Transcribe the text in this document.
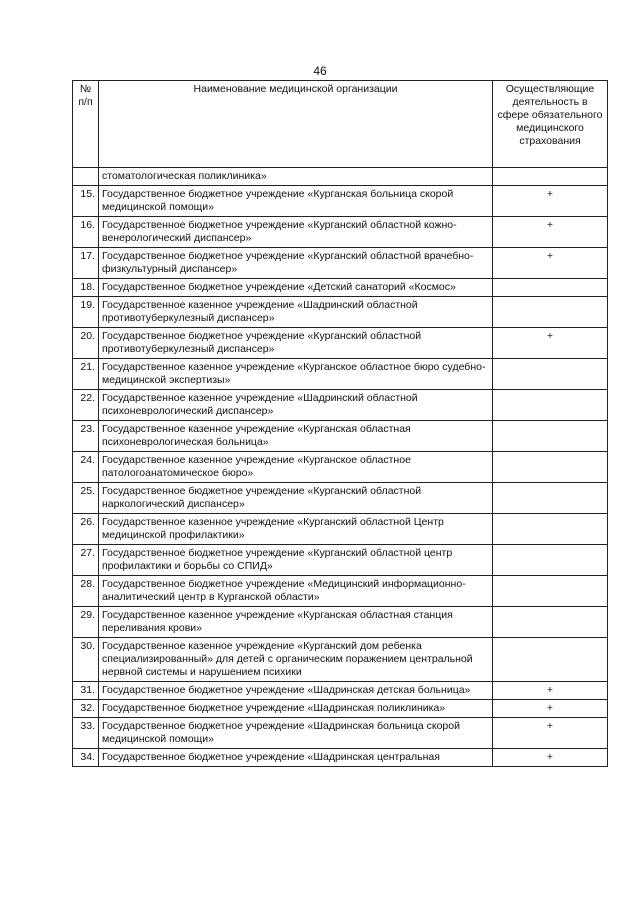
46
№ п/п	Наименование медицинской организации	Осуществляющие деятельность в сфере обязательного медицинского страхования
	стоматологическая поликлиника»	
15.	Государственное бюджетное учреждение «Курганская больница скорой медицинской помощи»	+
16.	Государственное бюджетное учреждение «Курганский областной кожно-венерологический диспансер»	+
17.	Государственное бюджетное учреждение «Курганский областной врачебно-физкультурный диспансер»	+
18.	Государственное бюджетное учреждение «Детский санаторий «Космос»	
19.	Государственное казенное учреждение «Шадринский областной противотуберкулезный диспансер»	
20.	Государственное бюджетное учреждение «Курганский областной противотуберкулезный диспансер»	+
21.	Государственное казенное учреждение «Курганское областное бюро судебно-медицинской экспертизы»	
22.	Государственное казенное учреждение «Шадринский областной психоневрологический диспансер»	
23.	Государственное казенное учреждение «Курганская областная психоневрологическая больница»	
24.	Государственное казенное учреждение «Курганское областное патологоанатомическое бюро»	
25.	Государственное бюджетное учреждение «Курганский областной наркологический диспансер»	
26.	Государственное казенное учреждение «Курганский областной Центр медицинской профилактики»	
27.	Государственное бюджетное учреждение «Курганский областной центр профилактики и борьбы со СПИД»	
28.	Государственное бюджетное учреждение «Медицинский информационно-аналитический центр в Курганской области»	
29.	Государственное казенное учреждение «Курганская областная станция переливания крови»	
30.	Государственное казенное учреждение «Курганский дом ребенка специализированный» для детей с органическим поражением центральной нервной системы и нарушением психики	
31.	Государственное бюджетное учреждение «Шадринская детская больница»	+
32.	Государственное бюджетное учреждение «Шадринская поликлиника»	+
33.	Государственное бюджетное учреждение «Шадринская больница скорой медицинской помощи»	+
34.	Государственное бюджетное учреждение «Шадринская центральная	+
